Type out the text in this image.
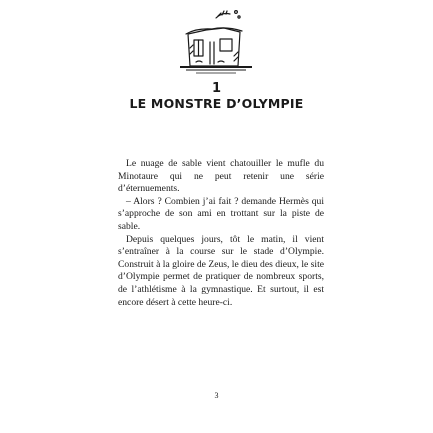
1
LE MONSTRE D’OLYMPIE

Le nuage de sable vient chatouiller le mufle du Minotaure qui ne peut retenir une série d’éternuements.

– Alors ? Combien j’ai fait ? demande Hermès qui s’approche de son ami en trottant sur la piste de sable.

Depuis quelques jours, tôt le matin, il vient s’entraîner à la course sur le stade d’Olympie. Construit à la gloire de Zeus, le dieu des dieux, le site d’Olympie permet de pratiquer de nombreux sports, de l’athlétisme à la gymnastique. Et surtout, il est encore désert à cette heure-ci.

3
